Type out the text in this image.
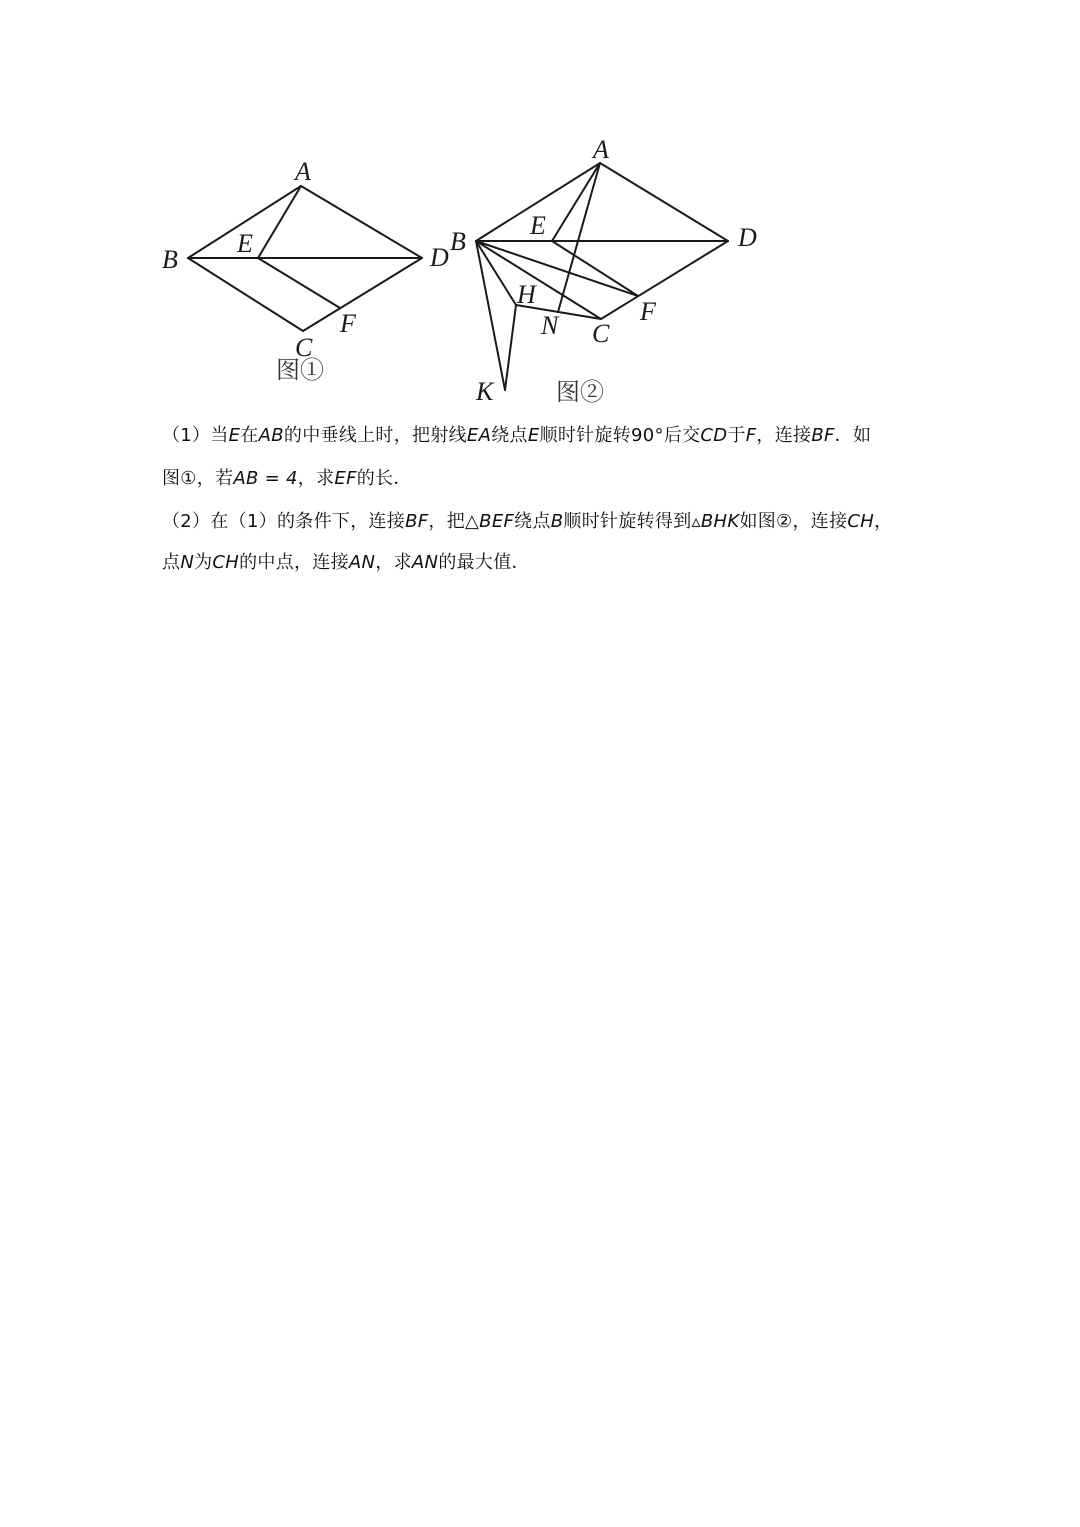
A
B
C
D
E
F
图①
A
B
C
D
E
F
H
N
K	图②
（1）当E在AB的中垂线上时，把射线EA绕点E顺时针旋转90°后交CD于F，连接BF．如
图①，若AB = 4，求EF的长．
（2）在（1）的条件下，连接BF，把△BEF绕点B顺时针旋转得到▵BHK如图②，连接CH，
点N为CH的中点，连接AN，求AN的最大值．
